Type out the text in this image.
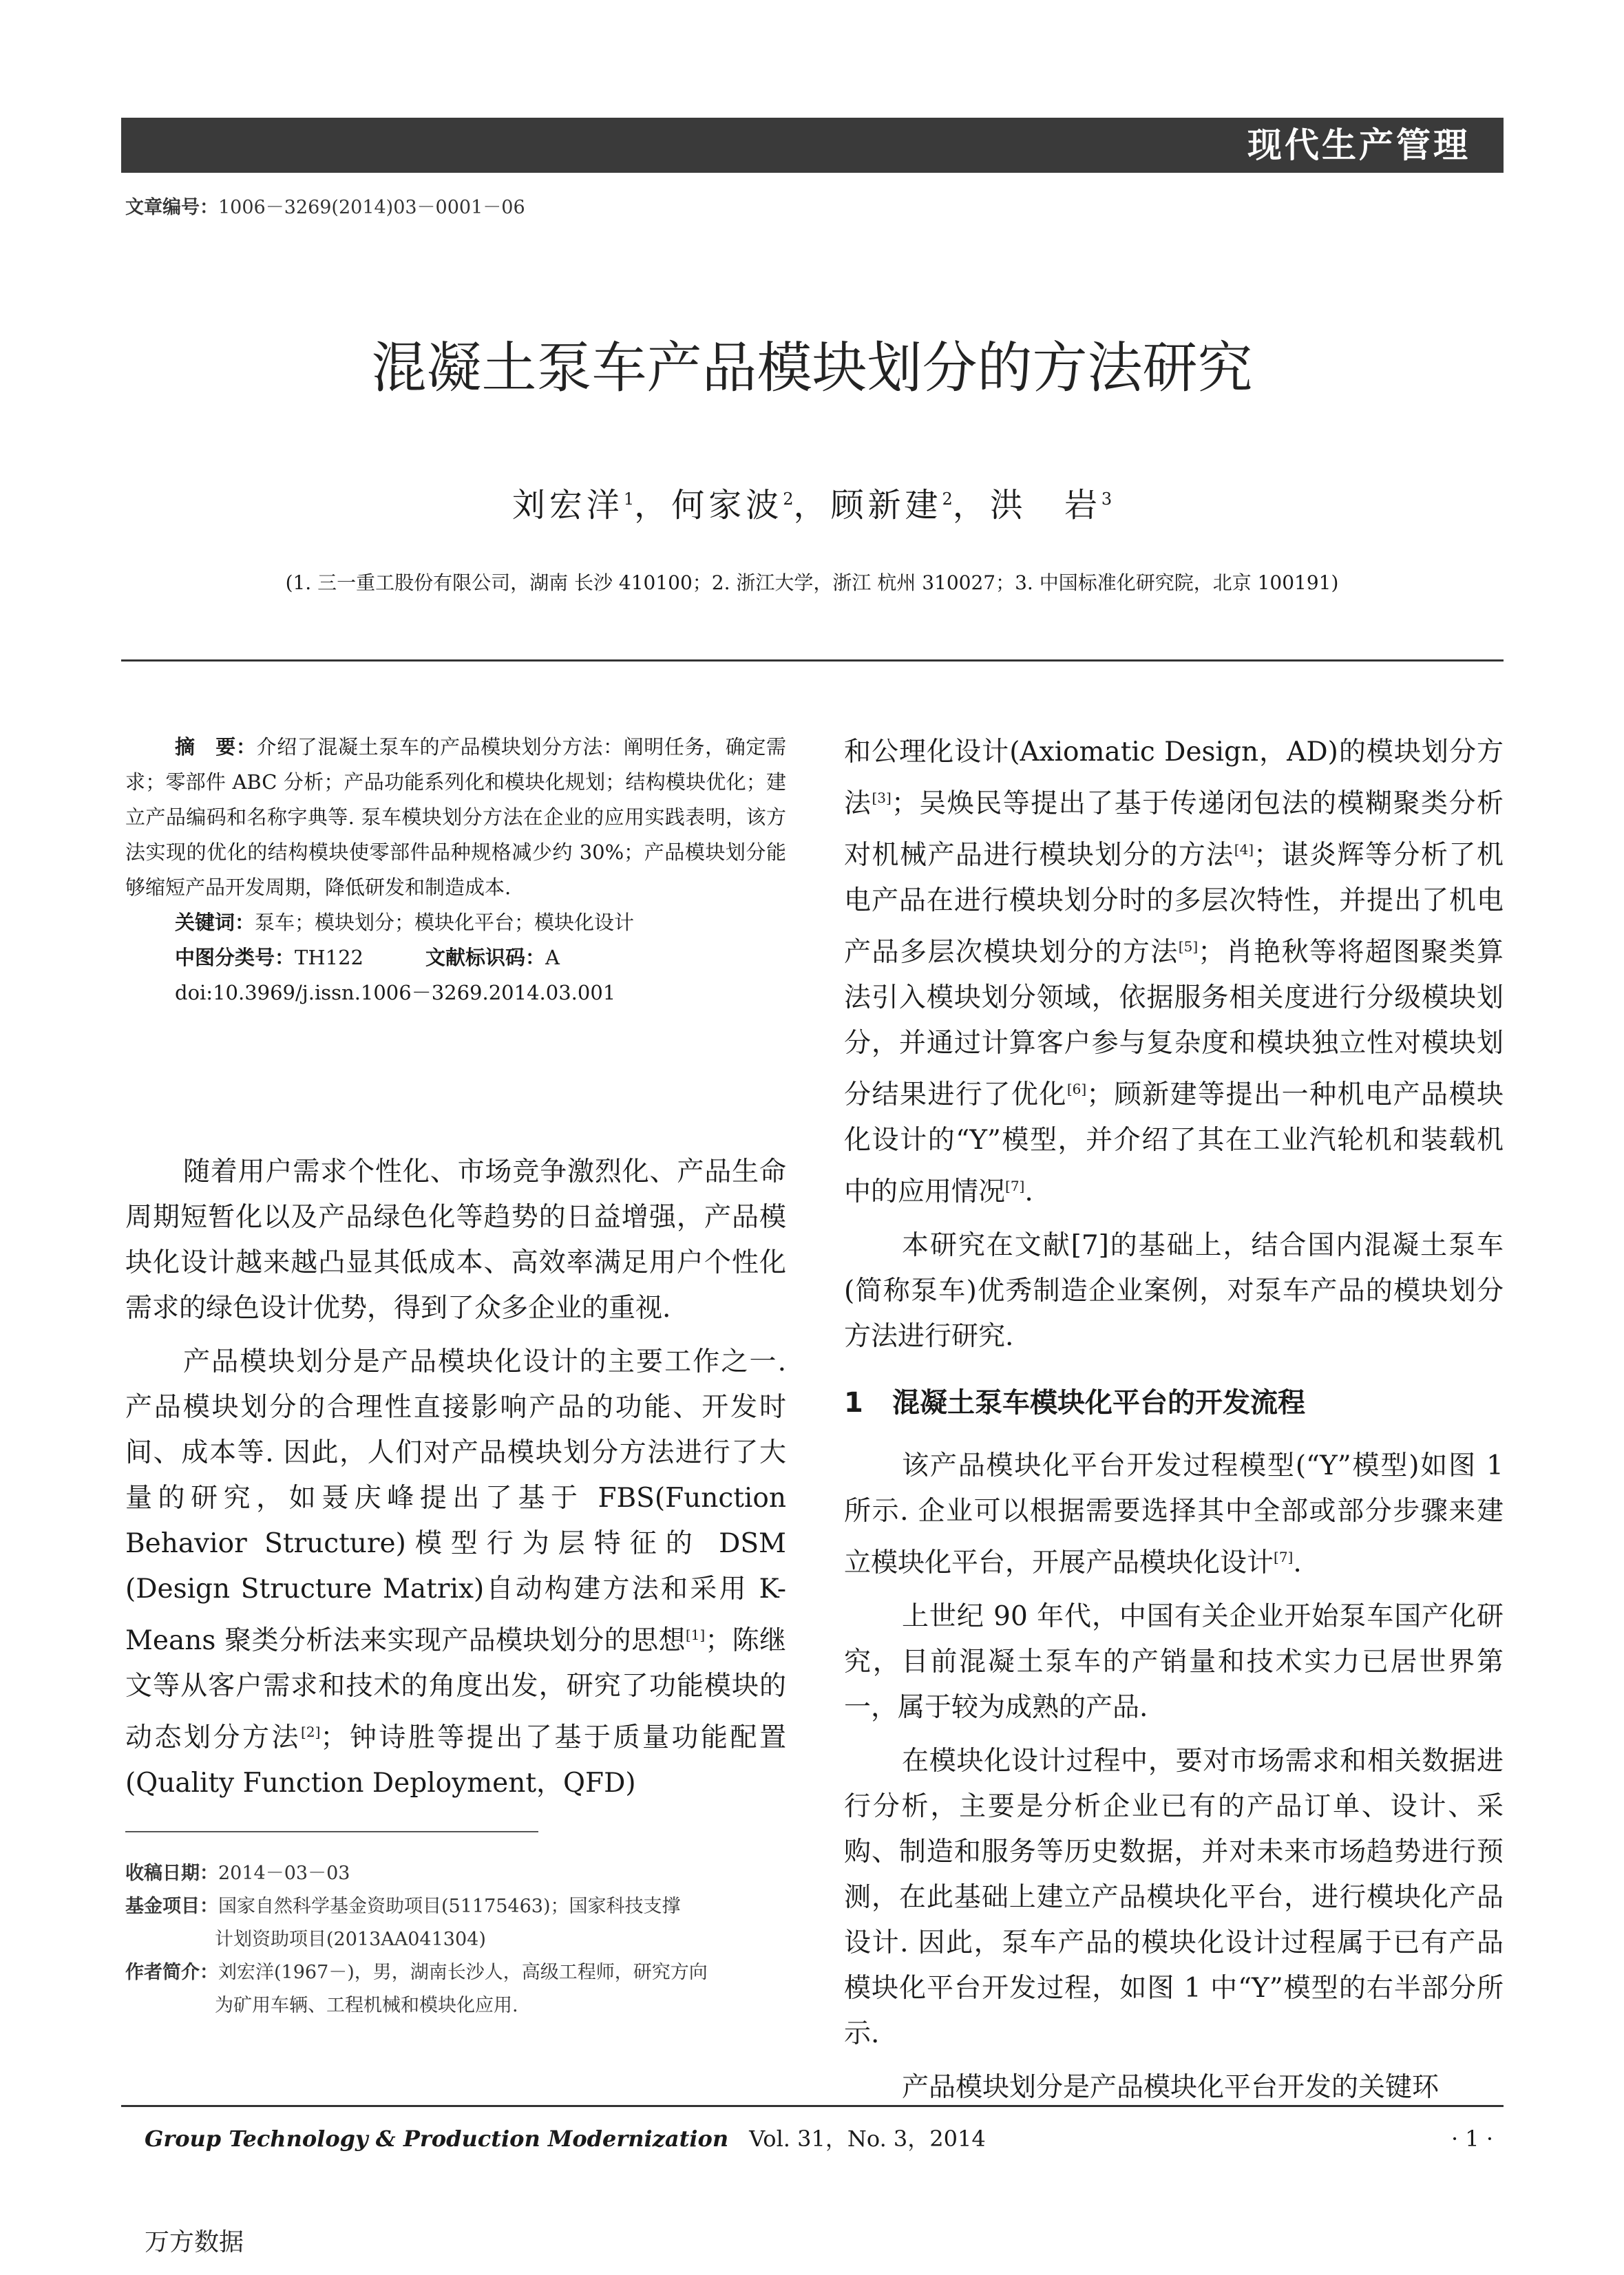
现代生产管理
文章编号：1006－3269(2014)03－0001－06
混凝土泵车产品模块划分的方法研究
刘宏洋$^1$，何家波$^2$，顾新建$^2$，洪　岩$^3$
(1. 三一重工股份有限公司，湖南 长沙 410100；2. 浙江大学，浙江 杭州 310027；3. 中国标准化研究院，北京 100191)

摘　要：介绍了混凝土泵车的产品模块划分方法：阐明任务，确定需求；零部件 ABC 分析；产品功能系列化和模块化规划；结构模块优化；建立产品编码和名称字典等. 泵车模块划分方法在企业的应用实践表明，该方法实现的优化的结构模块使零部件品种规格减少约 30%；产品模块划分能够缩短产品开发周期，降低研发和制造成本.

关键词：泵车；模块划分；模块化平台；模块化设计

中图分类号：TH122	文献标识码：A

doi:10.3969/j.issn.1006－3269.2014.03.001

随着用户需求个性化、市场竞争激烈化、产品生命周期短暂化以及产品绿色化等趋势的日益增强，产品模块化设计越来越凸显其低成本、高效率满足用户个性化需求的绿色设计优势，得到了众多企业的重视.

产品模块划分是产品模块化设计的主要工作之一. 产品模块划分的合理性直接影响产品的功能、开发时间、成本等. 因此，人们对产品模块划分方法进行了大量的研究，如聂庆峰提出了基于 FBS(Function Behavior Structure)模型行为层特征的 DSM (Design Structure Matrix)自动构建方法和采用 K-Means 聚类分析法来实现产品模块划分的思想[1]；陈继文等从客户需求和技术的角度出发，研究了功能模块的动态划分方法[2]；钟诗胜等提出了基于质量功能配置(Quality Function Deployment，QFD)

和公理化设计(Axiomatic Design，AD)的模块划分方法[3]；吴焕民等提出了基于传递闭包法的模糊聚类分析对机械产品进行模块划分的方法[4]；谌炎辉等分析了机电产品在进行模块划分时的多层次特性，并提出了机电产品多层次模块划分的方法[5]；肖艳秋等将超图聚类算法引入模块划分领域，依据服务相关度进行分级模块划分，并通过计算客户参与复杂度和模块独立性对模块划分结果进行了优化[6]；顾新建等提出一种机电产品模块化设计的“Y”模型，并介绍了其在工业汽轮机和装载机中的应用情况[7].

本研究在文献[7]的基础上，结合国内混凝土泵车(简称泵车)优秀制造企业案例，对泵车产品的模块划分方法进行研究.

1 混凝土泵车模块化平台的开发流程

该产品模块化平台开发过程模型(“Y”模型)如图 1 所示. 企业可以根据需要选择其中全部或部分步骤来建立模块化平台，开展产品模块化设计[7].

上世纪 90 年代，中国有关企业开始泵车国产化研究，目前混凝土泵车的产销量和技术实力已居世界第一，属于较为成熟的产品.

在模块化设计过程中，要对市场需求和相关数据进行分析，主要是分析企业已有的产品订单、设计、采购、制造和服务等历史数据，并对未来市场趋势进行预测，在此基础上建立产品模块化平台，进行模块化产品设计. 因此，泵车产品的模块化设计过程属于已有产品模块化平台开发过程，如图 1 中“Y”模型的右半部分所示.

产品模块划分是产品模块化平台开发的关键环

收稿日期：2014－03－03

基金项目：国家自然科学基金资助项目(51175463)；国家科技支撑

计划资助项目(2013AA041304)

作者简介：刘宏洋(1967－)，男，湖南长沙人，高级工程师，研究方向

为矿用车辆、工程机械和模块化应用.

Group Technology & Production Modernization Vol. 31，No. 3，2014	· 1 ·
万方数据
